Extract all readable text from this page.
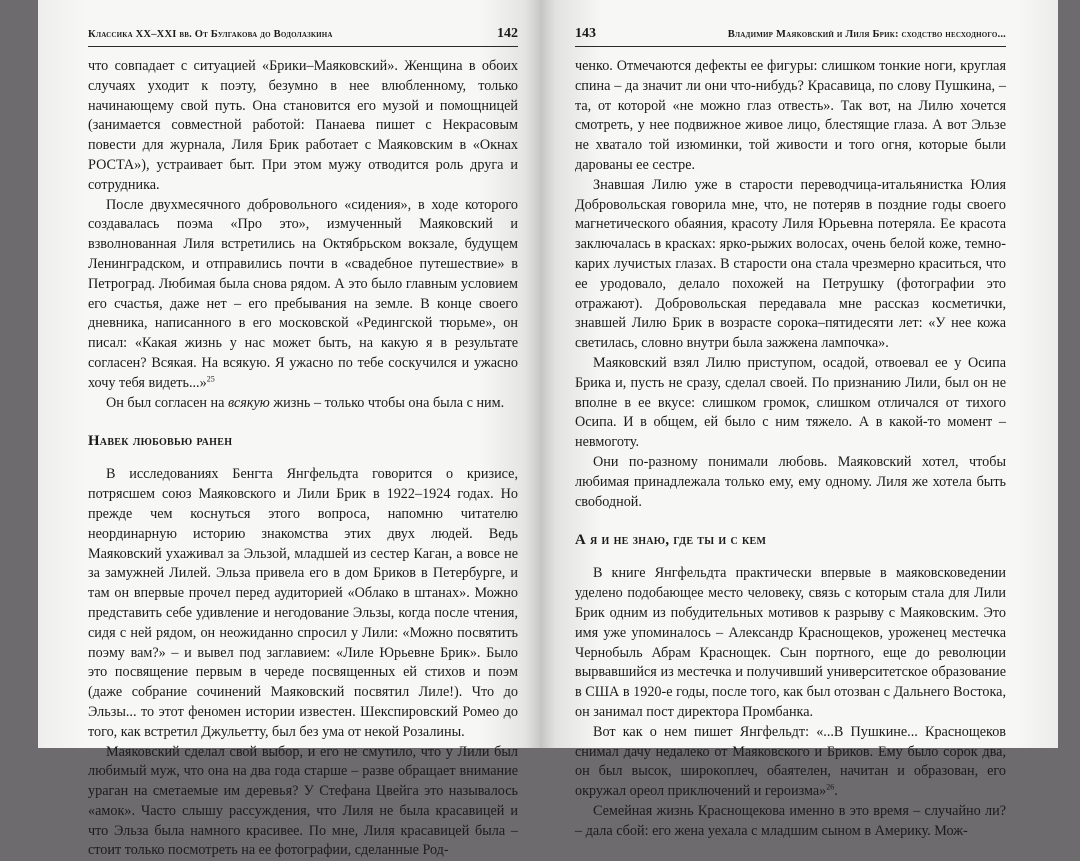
Классика XX–XXI вв. От Булгакова до Водолазкина	142

что совпадает с ситуацией «Брики–Маяковский». Женщина в обоих случаях уходит к поэту, безумно в нее влюбленному, только начинающему свой путь. Она становится его музой и помощницей (занимается совместной работой: Панаева пишет с Некрасовым повести для журнала, Лиля Брик работает с Маяковским в «Окнах РОСТА»), устраивает быт. При этом мужу отводится роль друга и сотрудника.

После двухмесячного добровольного «сидения», в ходе которого создавалась поэма «Про это», измученный Маяковский и взволнованная Лиля встретились на Октябрьском вокзале, будущем Ленинградском, и отправились почти в «свадебное путешествие» в Петроград. Любимая была снова рядом. А это было главным условием его счастья, даже нет – его пребывания на земле. В конце своего дневника, написанного в его московской «Редингской тюрьме», он писал: «Какая жизнь у нас может быть, на какую я в результате согласен? Всякая. На всякую. Я ужасно по тебе соскучился и ужасно хочу тебя видеть...»$^{25}$

Он был согласен на всякую жизнь – только чтобы она была с ним.

Навек любовью ранен

В исследованиях Бенгта Янгфельдта говорится о кризисе, потрясшем союз Маяковского и Лили Брик в 1922–1924 годах. Но прежде чем коснуться этого вопроса, напомню читателю неординарную историю знакомства этих двух людей. Ведь Маяковский ухаживал за Эльзой, младшей из сестер Каган, а вовсе не за замужней Лилей. Эльза привела его в дом Бриков в Петербурге, и там он впервые прочел перед аудиторией «Облако в штанах». Можно представить себе удивление и негодование Эльзы, когда после чтения, сидя с ней рядом, он неожиданно спросил у Лили: «Можно посвятить поэму вам?» – и вывел под заглавием: «Лиле Юрьевне Брик». Было это посвящение первым в череде посвященных ей стихов и поэм (даже собрание сочинений Маяковский посвятил Лиле!). Что до Эльзы... то этот феномен истории известен. Шекспировский Ромео до того, как встретил Джульетту, был без ума от некой Розалины.

Маяковский сделал свой выбор, и его не смутило, что у Лили был любимый муж, что она на два года старше – разве обращает внимание ураган на сметаемые им деревья? У Стефана Цвейга это называлось «амок». Часто слышу рассуждения, что Лиля не была красавицей и что Эльза была намного красивее. По мне, Лиля красавицей была – стоит только посмотреть на ее фотографии, сделанные Род-

143	Владимир Маяковский и Лиля Брик: сходство несходного...

ченко. Отмечаются дефекты ее фигуры: слишком тонкие ноги, круглая спина – да значит ли они что-нибудь? Красавица, по слову Пушкина, – та, от которой «не можно глаз отвесть». Так вот, на Лилю хочется смотреть, у нее подвижное живое лицо, блестящие глаза. А вот Эльзе не хватало той изюминки, той живости и того огня, которые были дарованы ее сестре.

Знавшая Лилю уже в старости переводчица-итальянистка Юлия Добровольская говорила мне, что, не потеряв в поздние годы своего магнетического обаяния, красоту Лиля Юрьевна потеряла. Ее красота заключалась в красках: ярко-рыжих волосах, очень белой коже, темно-карих лучистых глазах. В старости она стала чрезмерно краситься, что ее уродовало, делало похожей на Петрушку (фотографии это отражают). Добровольская передавала мне рассказ косметички, знавшей Лилю Брик в возрасте сорока–пятидесяти лет: «У нее кожа светилась, словно внутри была зажжена лампочка».

Маяковский взял Лилю приступом, осадой, отвоевал ее у Осипа Брика и, пусть не сразу, сделал своей. По признанию Лили, был он не вполне в ее вкусе: слишком громок, слишком отличался от тихого Осипа. И в общем, ей было с ним тяжело. А в какой-то момент – невмоготу.

Они по-разному понимали любовь. Маяковский хотел, чтобы любимая принадлежала только ему, ему одному. Лиля же хотела быть свободной.

А я и не знаю, где ты и с кем

В книге Янгфельдта практически впервые в маяковсковедении уделено подобающее место человеку, связь с которым стала для Лили Брик одним из побудительных мотивов к разрыву с Маяковским. Это имя уже упоминалось – Александр Краснощеков, уроженец местечка Чернобыль Абрам Краснощек. Сын портного, еще до революции вырвавшийся из местечка и получивший университетское образование в США в 1920-е годы, после того, как был отозван с Дальнего Востока, он занимал пост директора Промбанка.

Вот как о нем пишет Янгфельдт: «...В Пушкине... Краснощеков снимал дачу недалеко от Маяковского и Бриков. Ему было сорок два, он был высок, широкоплеч, обаятелен, начитан и образован, его окружал ореол приключений и героизма»$^{26}$.

Семейная жизнь Краснощекова именно в это время – случайно ли? – дала сбой: его жена уехала с младшим сыном в Америку. Мож-
